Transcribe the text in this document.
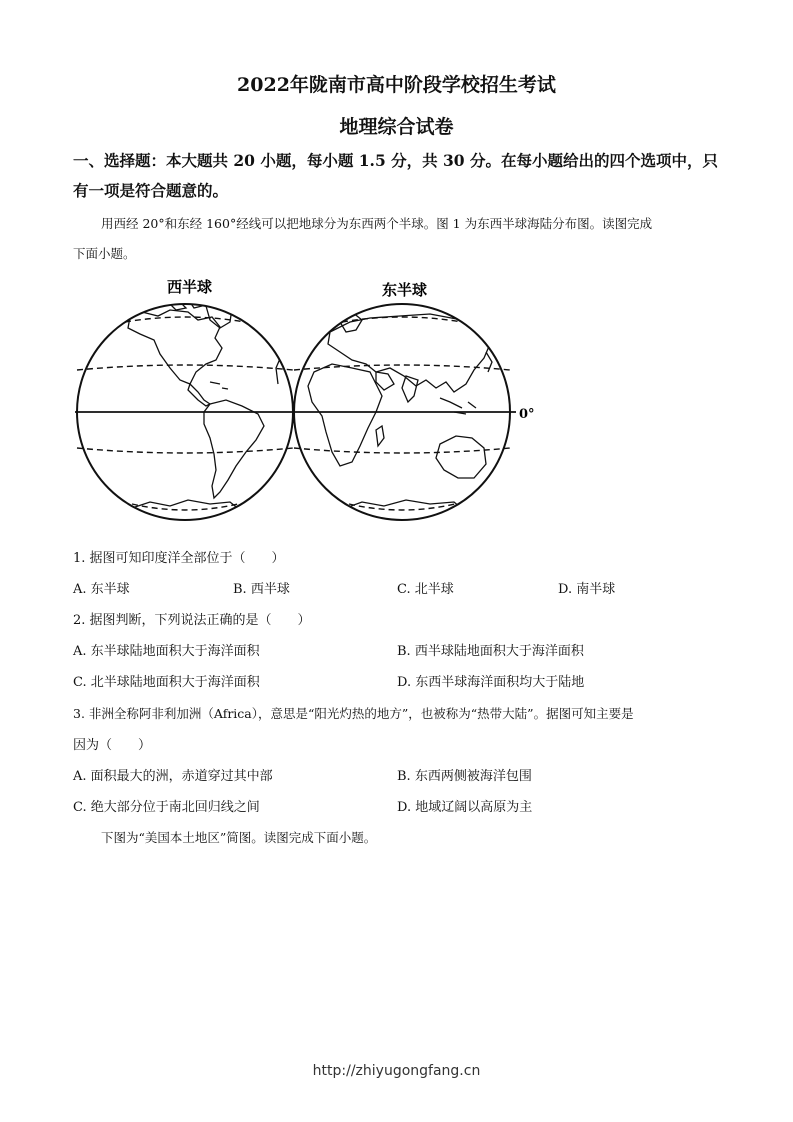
2022年陇南市高中阶段学校招生考试
地理综合试卷
一、选择题：本大题共 20 小题，每小题 1.5 分，共 30 分。在每小题给出的四个选项中，只
有一项是符合题意的。
用西经 20°和东经 160°经线可以把地球分为东西两个半球。图 1 为东西半球海陆分布图。读图完成
下面小题。
西半球	东半球
0°
1. 据图可知印度洋全部位于（　　）
A. 东半球	B. 西半球	C. 北半球	D. 南半球
2. 据图判断，下列说法正确的是（　　）
A. 东半球陆地面积大于海洋面积	B. 西半球陆地面积大于海洋面积
C. 北半球陆地面积大于海洋面积	D. 东西半球海洋面积均大于陆地
3. 非洲全称阿非利加洲（Africa），意思是“阳光灼热的地方”，也被称为“热带大陆”。据图可知主要是
因为（　　）
A. 面积最大的洲，赤道穿过其中部	B. 东西两侧被海洋包围
C. 绝大部分位于南北回归线之间	D. 地域辽阔以高原为主
下图为“美国本土地区”简图。读图完成下面小题。
http://zhiyugongfang.cn
